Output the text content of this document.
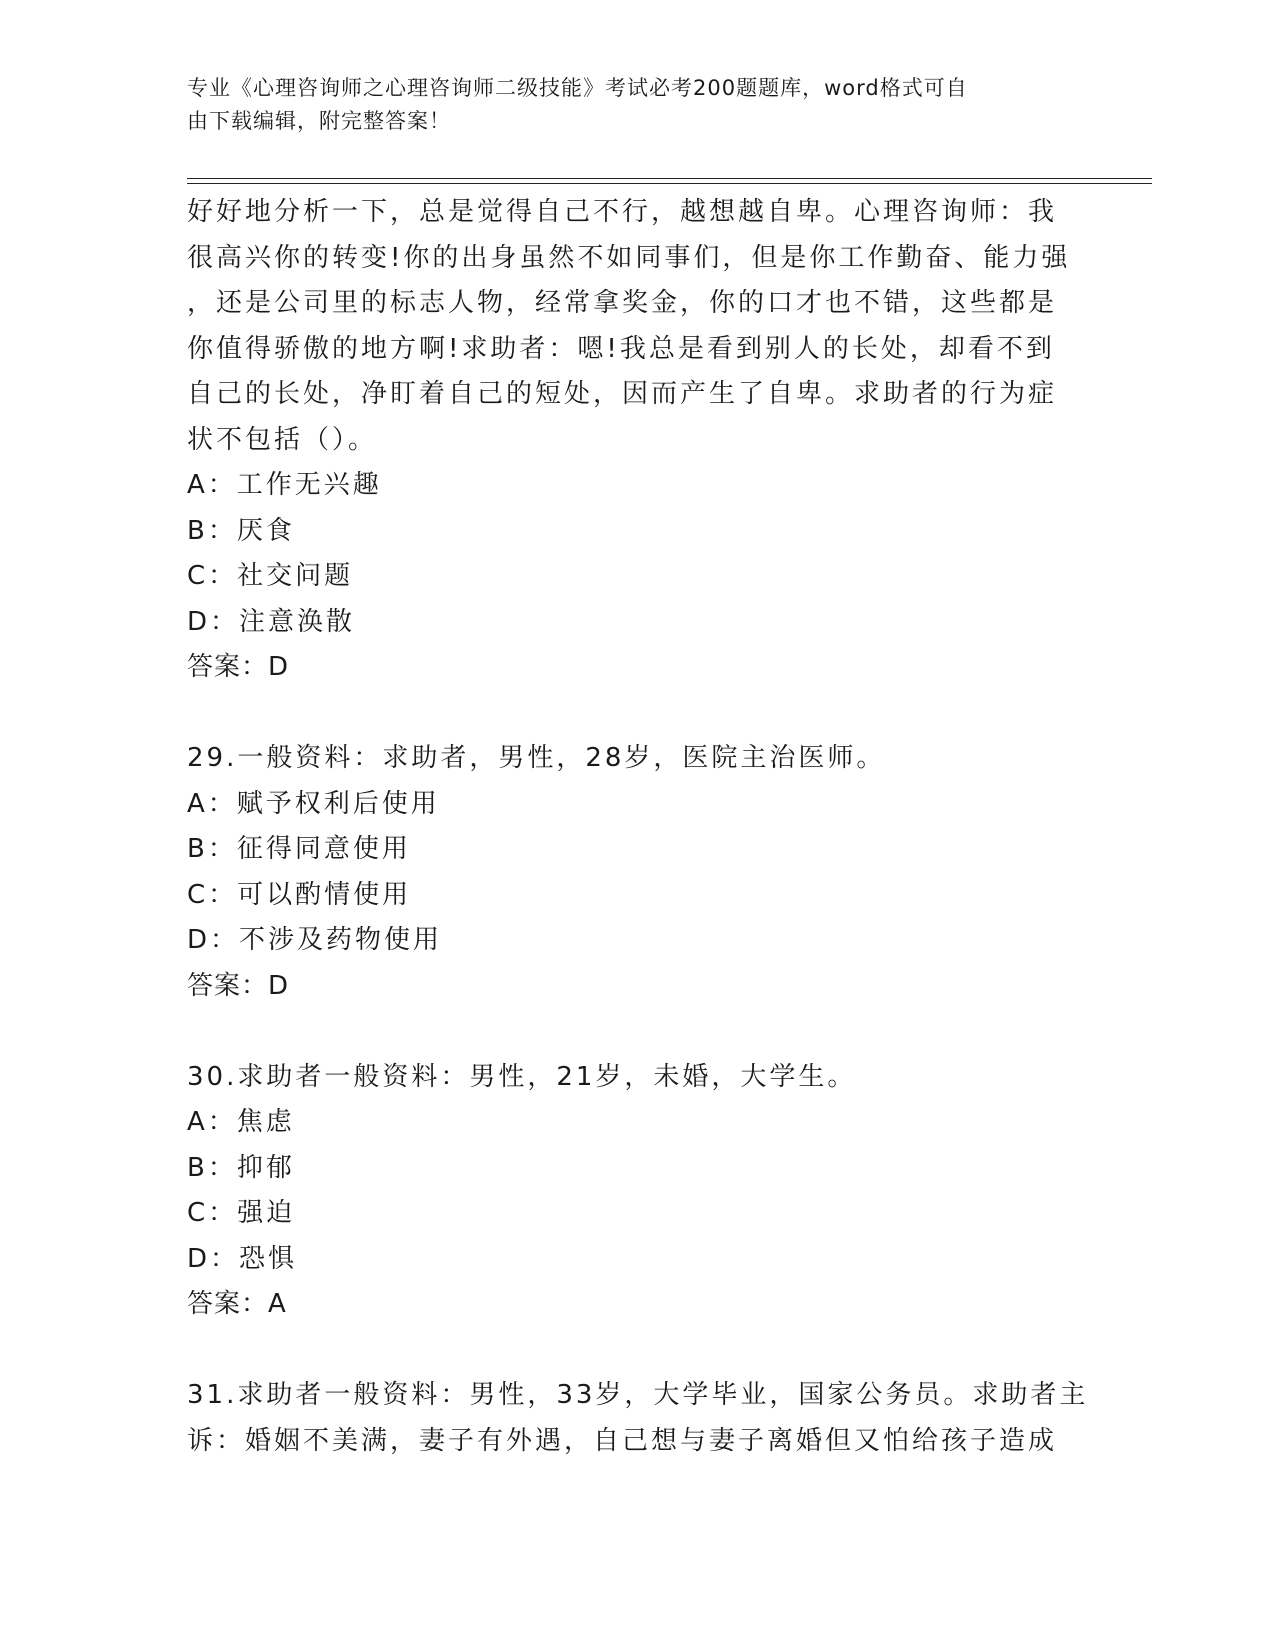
专业《心理咨询师之心理咨询师二级技能》考试必考200题题库，word格式可自
由下载编辑，附完整答案！
好好地分析一下，总是觉得自己不行，越想越自卑。心理咨询师：我
很高兴你的转变!你的出身虽然不如同事们，但是你工作勤奋、能力强
，还是公司里的标志人物，经常拿奖金，你的口才也不错，这些都是
你值得骄傲的地方啊!求助者：嗯!我总是看到别人的长处，却看不到
自己的长处，净盯着自己的短处，因而产生了自卑。求助者的行为症
状不包括（）。
A：工作无兴趣
B：厌食
C：社交问题
D：注意涣散
答案：D
29.一般资料：求助者，男性，28岁，医院主治医师。
A：赋予权利后使用
B：征得同意使用
C：可以酌情使用
D：不涉及药物使用
答案：D
30.求助者一般资料：男性，21岁，未婚，大学生。
A：焦虑
B：抑郁
C：强迫
D：恐惧
答案：A
31.求助者一般资料：男性，33岁，大学毕业，国家公务员。求助者主
诉：婚姻不美满，妻子有外遇，自己想与妻子离婚但又怕给孩子造成
